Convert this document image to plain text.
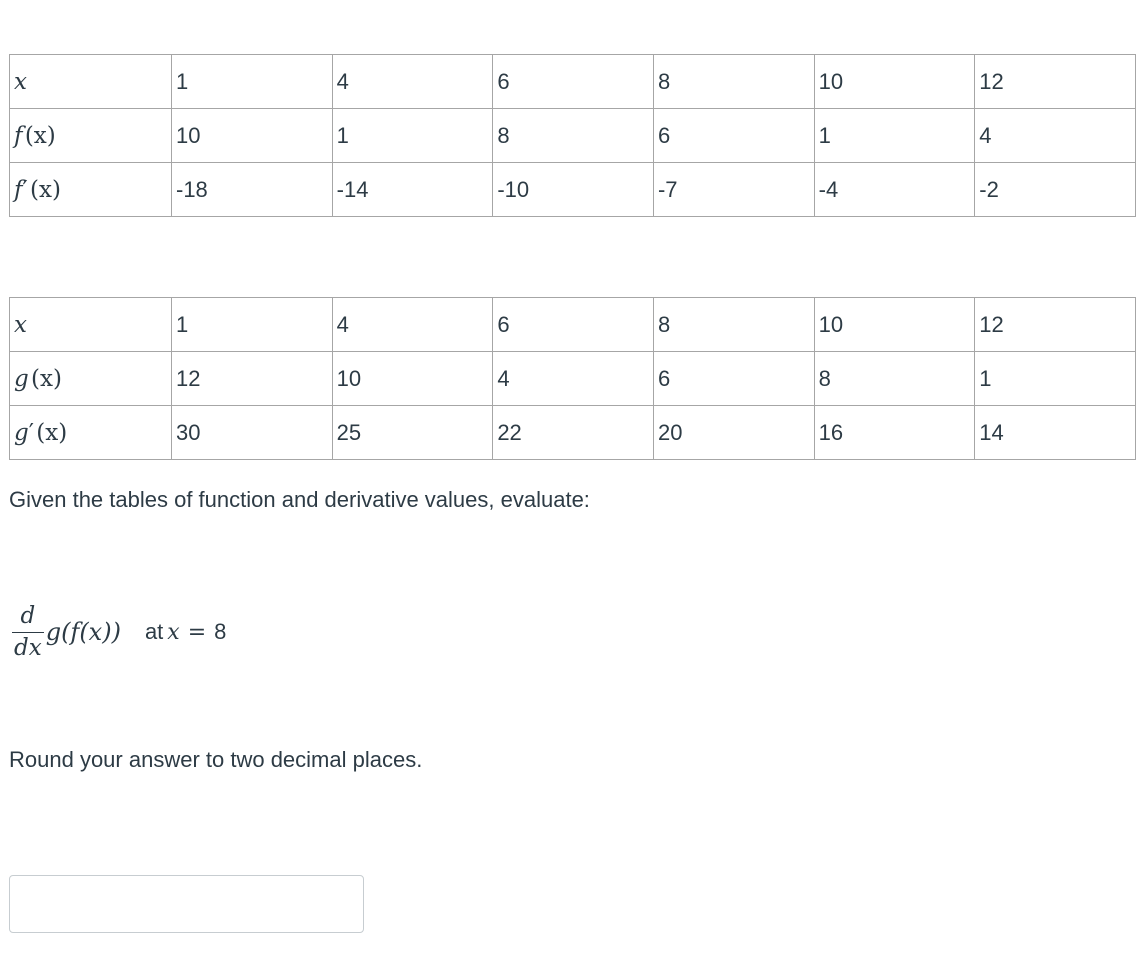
x	1	4	6	8	10	12
f (x)	10	1	8	6	1	4
f′ (x)	-18	-14	-10	-7	-4	-2
x	1	4	6	8	10	12
g (x)	12	10	4	6	8	1
g′ (x)	30	25	22	20	16	14

Given the tables of function and derivative values, evaluate:

$\frac{d}{dx} g(f(x))$ at x = 8

Round your answer to two decimal places.
